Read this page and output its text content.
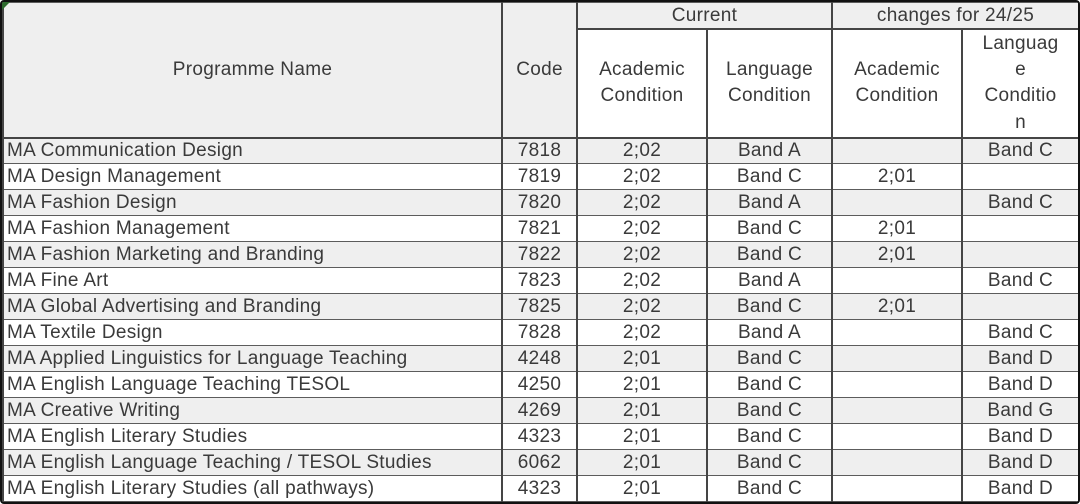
Programme Name	Code	Current		changes for 24/25	
		Academic Condition	Language Condition	Academic Condition	Language Condition

MA Communication Design	7818	2;02	Band A		Band C
MA Design Management	7819	2;02	Band C	2;01	
MA Fashion Design	7820	2;02	Band A		Band C
MA Fashion Management	7821	2;02	Band C	2;01	
MA Fashion Marketing and Branding	7822	2;02	Band C	2;01	
MA Fine Art	7823	2;02	Band A		Band C
MA Global Advertising and Branding	7825	2;02	Band C	2;01	
MA Textile Design	7828	2;02	Band A		Band C
MA Applied Linguistics for Language Teaching	4248	2;01	Band C		Band D
MA English Language Teaching TESOL	4250	2;01	Band C		Band D
MA Creative Writing	4269	2;01	Band C		Band G
MA English Literary Studies	4323	2;01	Band C		Band D
MA English Language Teaching / TESOL Studies	6062	2;01	Band C		Band D
MA English Literary Studies (all pathways)	4323	2;01	Band C		Band D
